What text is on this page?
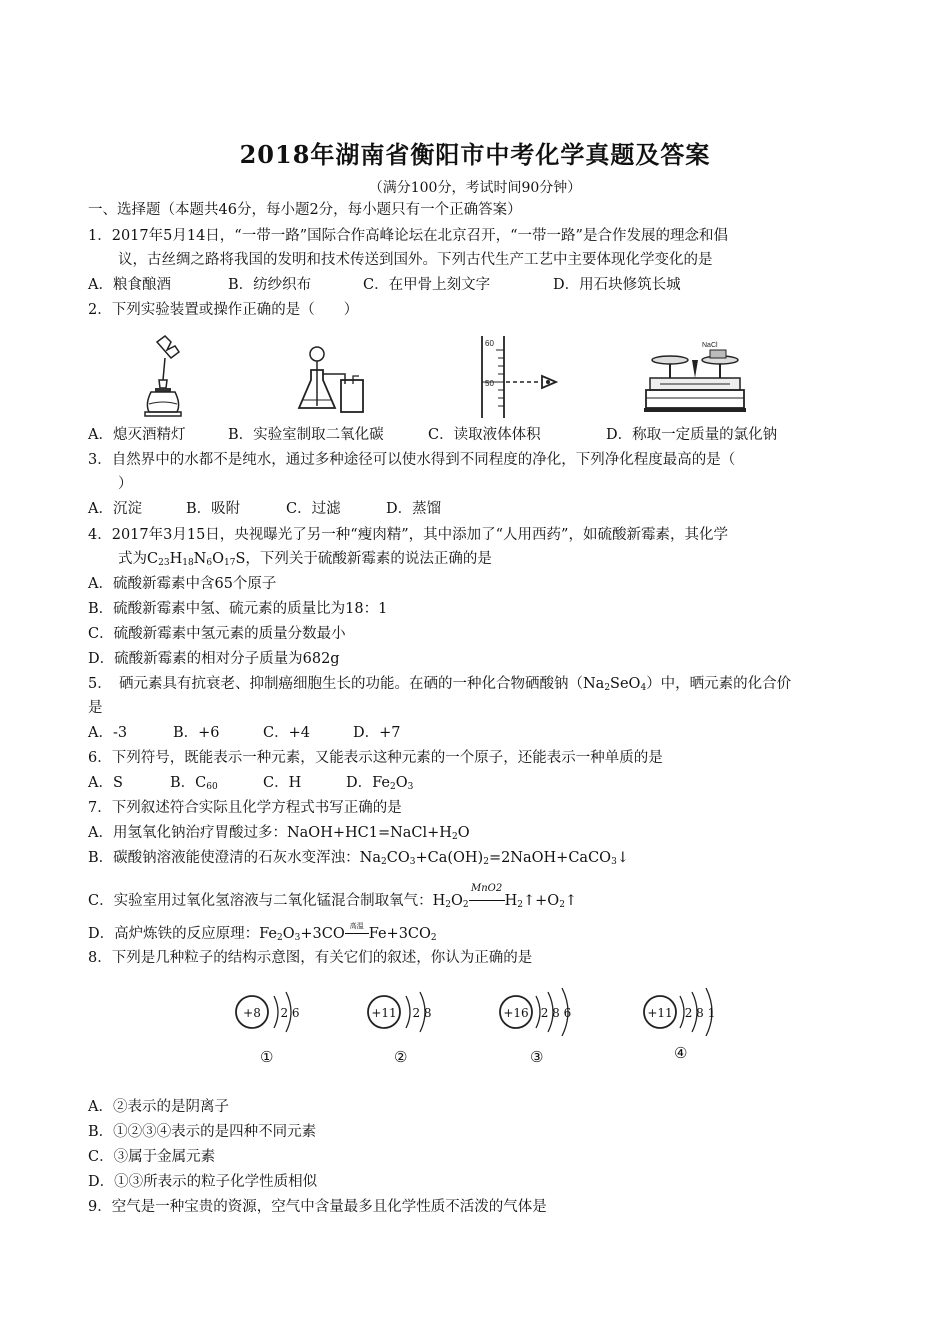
2018年湖南省衡阳市中考化学真题及答案
（满分100分，考试时间90分钟）
一、选择题（本题共46分，每小题2分，每小题只有一个正确答案）
1．2017年5月14日，“一带一路”国际合作高峰论坛在北京召开，“一带一路”是合作发展的理念和倡
议，古丝绸之路将我国的发明和技术传送到国外。下列古代生产工艺中主要体现化学变化的是
A．粮食酿酒	B．纺纱织布	C．在甲骨上刻文字	D．用石块修筑长城
2．下列实验装置或操作正确的是（　　）
60
50
NaCl
A．熄灭酒精灯	B．实验室制取二氧化碳	C．读取液体体积	D．称取一定质量的氯化钠
3．自然界中的水都不是纯水，通过多种途径可以使水得到不同程度的净化，下列净化程度最高的是（
）
A．沉淀	B．吸附	C．过滤	D．蒸馏
4．2017年3月15日，央视曝光了另一种“瘦肉精”，其中添加了“人用西药”，如硫酸新霉素，其化学
式为$C_{23}H_{18}N_6O_{17}S$，下列关于硫酸新霉素的说法正确的是
A．硫酸新霉素中含65个原子
B．硫酸新霉素中氢、硫元素的质量比为18：1
C．硫酸新霉素中氢元素的质量分数最小
D．硫酸新霉素的相对分子质量为682g
5．　硒元素具有抗衰老、抑制癌细胞生长的功能。在硒的一种化合物硒酸钠$(Na_2SeO_4)$中，晒元素的化合价
是
A．-3	B．+6	C．+4	D．+7
6．下列符号，既能表示一种元素，又能表示这种元素的一个原子，还能表示一种单质的是
A．S	B．$C_{60}$	C．H	D．$Fe_2O_3$
7．下列叙述符合实际且化学方程式书写正确的是
A．用氢氧化钠治疗胃酸过多：$NaOH+HC1=NaCl+H_2O$
B．碳酸钠溶液能使澄清的石灰水变浑浊：$Na_2CO_3+Ca(OH)_2=2NaOH+CaCO_3↓$
C．实验室用过氧化氢溶液与二氧化锰混合制取氧气：$H_2O_2$
MnO2
$H_2↑+O_2↑$
D．高炉炼铁的反应原理：$Fe_2O_3+3CO$ 高温 $Fe+3CO_2$
8．下列是几种粒子的结构示意图，有关它们的叙述，你认为正确的是
+8 2 6
①
+11 2 8
②
+16 2 8 6
③
+11 2 8 1
④
A．②表示的是阴离子
B．①②③④表示的是四种不同元素
C．③属于金属元素
D．①③所表示的粒子化学性质相似
9．空气是一种宝贵的资源，空气中含量最多且化学性质不活泼的气体是
